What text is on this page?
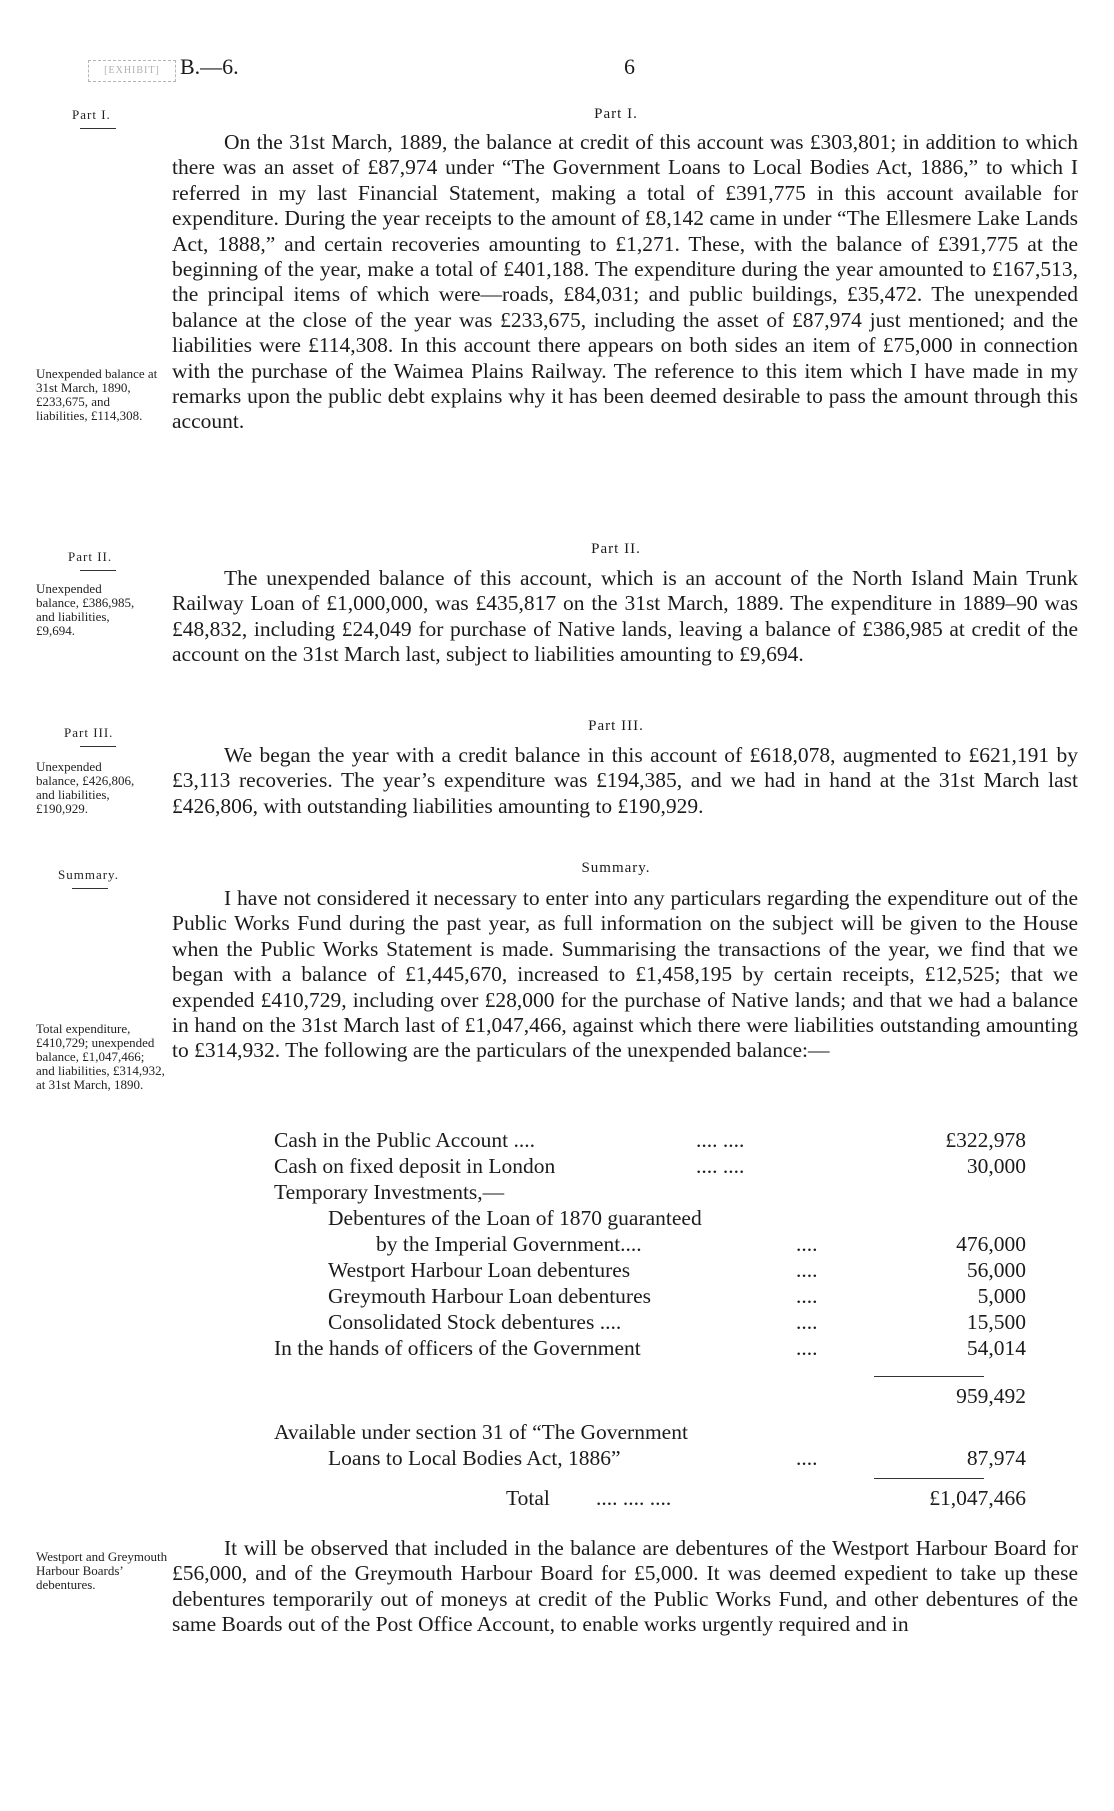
[EXHIBIT] B.—6.	6
Part I.	Part I.

On the 31st March, 1889, the balance at credit of this account was £303,801; in addition to which there was an asset of £87,974 under “The Government Loans to Local Bodies Act, 1886,” to which I referred in my last Financial Statement, making a total of £391,775 in this account available for expenditure. During the year receipts to the amount of £8,142 came in under “The Ellesmere Lake Lands Act, 1888,” and certain recoveries amounting to £1,271. These, with the balance of £391,775 at the beginning of the year, make a total of £401,188. The expenditure during the year amounted to £167,513, the principal items of which were—roads, £84,031; and public buildings, £35,472. The unexpended balance at the close of the year was £233,675, including the asset of £87,974 just mentioned; and the liabilities were £114,308. In this account there appears on both sides an item of £75,000 in connection with the purchase of the Waimea Plains Railway. The reference to this item which I have made in my remarks upon the public debt explains why it has been deemed desirable to pass the amount through this account.

Unexpended balance at 31st March, 1890, £233,675, and liabilities, £114,308.
Part II.	Part II.

The unexpended balance of this account, which is an account of the North Island Main Trunk Railway Loan of £1,000,000, was £435,817 on the 31st March, 1889. The expenditure in 1889–90 was £48,832, including £24,049 for purchase of Native lands, leaving a balance of £386,985 at credit of the account on the 31st March last, subject to liabilities amounting to £9,694.

Unexpended balance, £386,985, and liabilities, £9,694.
Part III.	Part III.

We began the year with a credit balance in this account of £618,078, augmented to £621,191 by £3,113 recoveries. The year’s expenditure was £194,385, and we had in hand at the 31st March last £426,806, with outstanding liabilities amounting to £190,929.

Unexpended balance, £426,806, and liabilities, £190,929.
Summary.	Summary.

I have not considered it necessary to enter into any particulars regarding the expenditure out of the Public Works Fund during the past year, as full information on the subject will be given to the House when the Public Works Statement is made. Summarising the transactions of the year, we find that we began with a balance of £1,445,670, increased to £1,458,195 by certain receipts, £12,525; that we expended £410,729, including over £28,000 for the purchase of Native lands; and that we had a balance in hand on the 31st March last of £1,047,466, against which there were liabilities outstanding amounting to £314,932. The following are the particulars of the unexpended balance:—

Total expenditure, £410,729; unexpended balance, £1,047,466; and liabilities, £314,932, at 31st March, 1890.
Cash in the Public Account ....	.... ....	£322,978
Cash on fixed deposit in London	.... ....	30,000
Temporary Investments,—
Debentures of the Loan of 1870 guaranteed
by the Imperial Government....	....	476,000
Westport Harbour Loan debentures	....	56,000
Greymouth Harbour Loan debentures	....	5,000
Consolidated Stock debentures ....	....	15,500
In the hands of officers of the Government	....	54,014
959,492
Available under section 31 of “The Government
Loans to Local Bodies Act, 1886”	....	87,974
Total .... .... ....	£1,047,466

It will be observed that included in the balance are debentures of the Westport Harbour Board for £56,000, and of the Greymouth Harbour Board for £5,000. It was deemed expedient to take up these debentures temporarily out of moneys at credit of the Public Works Fund, and other debentures of the same Boards out of the Post Office Account, to enable works urgently required and in

Westport and Greymouth Harbour Boards’ debentures.
